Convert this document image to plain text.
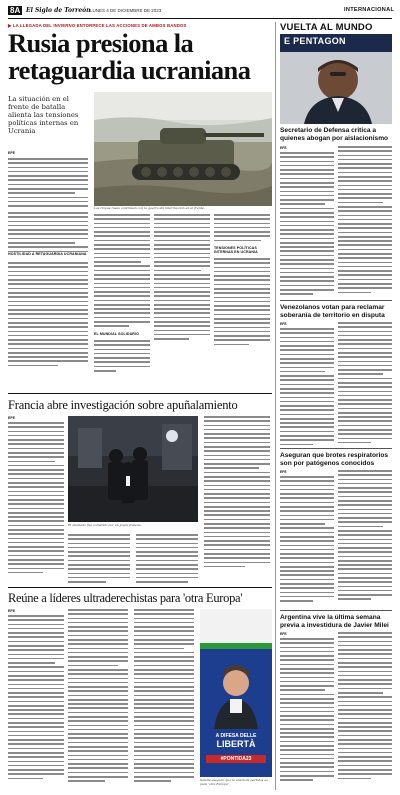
8A El Siglo de Torreón LUNES 4 DE DICIEMBRE DE 2023	INTERNACIONAL
▶ LA LLEGADA DEL INVIERNO ENTORPECE LAS ACCIONES DE AMBOS BANDOS
Rusia presiona la retaguardia ucraniana
La situación en el frente de batalla alienta las tensiones políticas internas en Ucrania
EFE
Las tropas rusas continúan con la guerra sin interrupción en el frente.
HOSTILIDAD A RETAGUARDIA UCRANIANA
EL MUNDIAL SOLIDARIO
TENSIONES POLÍTICAS INTERNAS EN UCRANIA
Francia abre investigación sobre apuñalamiento
EFE
El atentado fue cometido por un joven francés.
Reúne a líderes ultraderechistas para 'otra Europa'
EFE
A DIFESA DELLE
LIBERTÀ
#PONTIDA23
Salvini aseguró que la unión de partidos es para 'otra Europa'.
VUELTA AL MUNDO
E PENTAGON
Secretario de Defensa critica a quienes abogan por aislacionismo
EFE
Venezolanos votan para reclamar soberanía de territorio en disputa
EFE
Aseguran que brotes respiratorios son por patógenos conocidos
EFE
Argentina vive la última semana previa a investidura de Javier Milei
EFE
